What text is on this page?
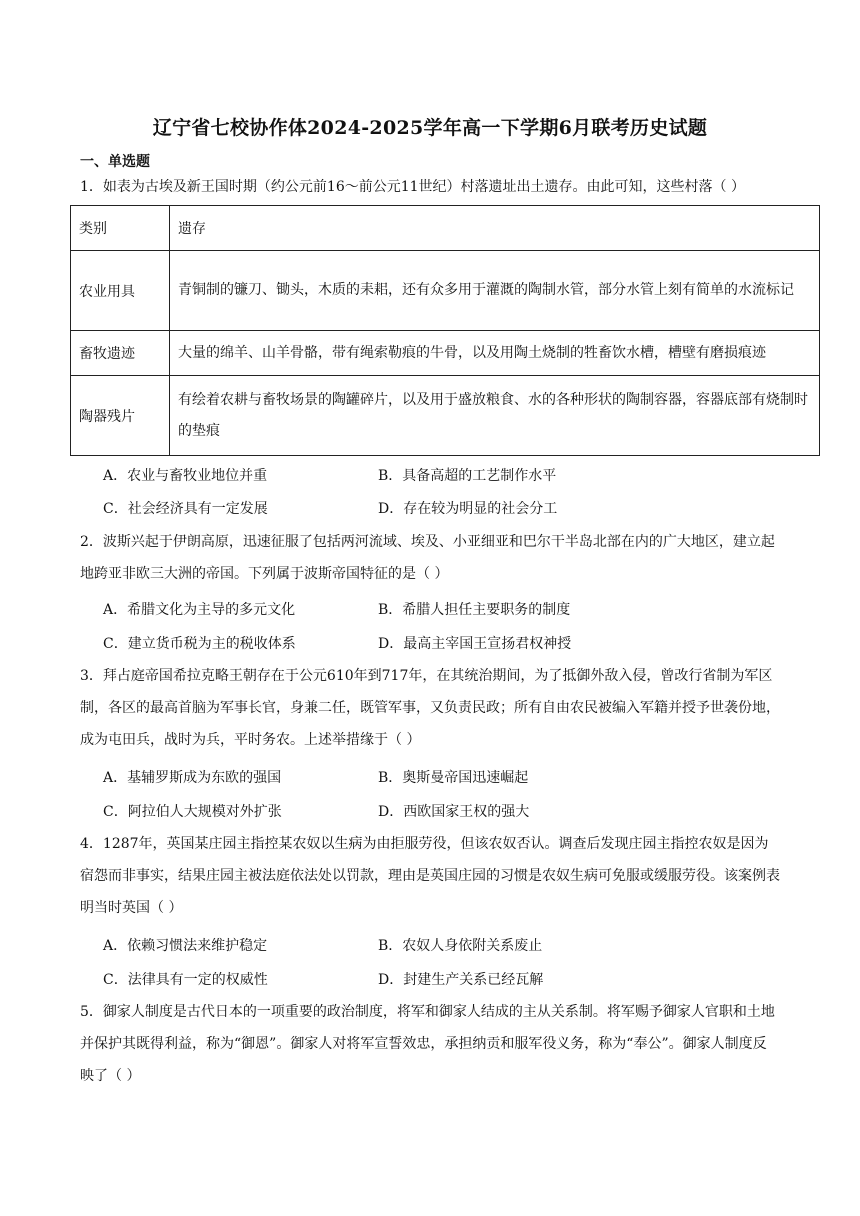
辽宁省七校协作体2024-2025学年高一下学期6月联考历史试题
一、单选题
1．如表为古埃及新王国时期（约公元前16～前公元11世纪）村落遗址出土遗存。由此可知，这些村落（ ）
类别	遗存
农业用具	青铜制的镰刀、锄头，木质的耒耜，还有众多用于灌溉的陶制水管，部分水管上刻有简单的水流标记
畜牧遗迹	大量的绵羊、山羊骨骼，带有绳索勒痕的牛骨，以及用陶土烧制的牲畜饮水槽，槽壁有磨损痕迹
陶器残片	有绘着农耕与畜牧场景的陶罐碎片，以及用于盛放粮食、水的各种形状的陶制容器，容器底部有烧制时的垫痕
A．农业与畜牧业地位并重	B．具备高超的工艺制作水平
C．社会经济具有一定发展	D．存在较为明显的社会分工
2．波斯兴起于伊朗高原，迅速征服了包括两河流域、埃及、小亚细亚和巴尔干半岛北部在内的广大地区，建立起地跨亚非欧三大洲的帝国。下列属于波斯帝国特征的是（ ）
A．希腊文化为主导的多元文化	B．希腊人担任主要职务的制度
C．建立货币税为主的税收体系	D．最高主宰国王宣扬君权神授
3．拜占庭帝国希拉克略王朝存在于公元610年到717年，在其统治期间，为了抵御外敌入侵，曾改行省制为军区制，各区的最高首脑为军事长官，身兼二任，既管军事，又负责民政；所有自由农民被编入军籍并授予世袭份地，成为屯田兵，战时为兵，平时务农。上述举措缘于（ ）
A．基辅罗斯成为东欧的强国	B．奥斯曼帝国迅速崛起
C．阿拉伯人大规模对外扩张	D．西欧国家王权的强大
4．1287年，英国某庄园主指控某农奴以生病为由拒服劳役，但该农奴否认。调查后发现庄园主指控农奴是因为宿怨而非事实，结果庄园主被法庭依法处以罚款，理由是英国庄园的习惯是农奴生病可免服或缓服劳役。该案例表明当时英国（ ）
A．依赖习惯法来维护稳定	B．农奴人身依附关系废止
C．法律具有一定的权威性	D．封建生产关系已经瓦解
5．御家人制度是古代日本的一项重要的政治制度，将军和御家人结成的主从关系制。将军赐予御家人官职和土地并保护其既得利益，称为“御恩”。御家人对将军宣誓效忠，承担纳贡和服军役义务，称为“奉公”。御家人制度反映了（ ）
